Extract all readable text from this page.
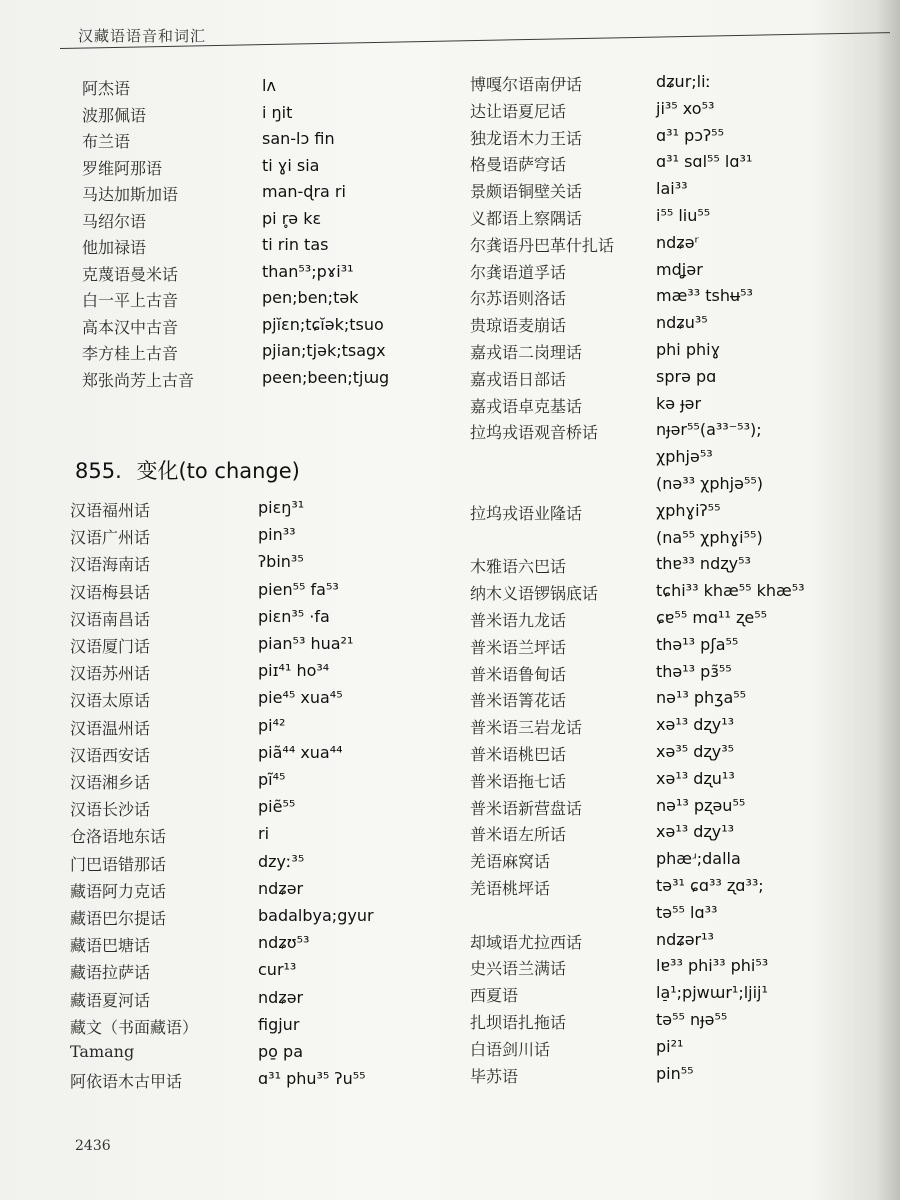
汉藏语语音和词汇
阿杰语	lʌ
波那佩语	i ŋit
布兰语	san-lɔ fin
罗维阿那语	ti ɣi sia
马达加斯加语	man-ɖra ri
马绍尔语	pi r̥ə kɛ
他加禄语	ti rin tas
克蔑语曼米话	than⁵³;pɤi³¹
白一平上古音	pen;ben;tək
高本汉中古音	pjĭɛn;tɕĭək;tsuo
李方桂上古音	pjian;tjək;tsagx
郑张尚芳上古音	peen;been;tjɯg
855. 变化(to change)
汉语福州话	piɛŋ³¹
汉语广州话	pin³³
汉语海南话	ʔbin³⁵
汉语梅县话	pien⁵⁵ fa⁵³
汉语南昌话	piɛn³⁵ ·fa
汉语厦门话	pian⁵³ hua²¹
汉语苏州话	piɪ⁴¹ ho³⁴
汉语太原话	pie⁴⁵ xua⁴⁵
汉语温州话	pi⁴²
汉语西安话	piã⁴⁴ xua⁴⁴
汉语湘乡话	pĩ⁴⁵
汉语长沙话	piẽ⁵⁵
仓洛语地东话	ri
门巴语错那话	dzyː³⁵
藏语阿力克话	ndʑər
藏语巴尔提话	badalbya;gyur
藏语巴塘话	ndʑʊ⁵³
藏语拉萨话	cur¹³
藏语夏河话	ndʑər
藏文（书面藏语）	figjur
Tamang	po̱ pa
阿依语木古甲话	ɑ³¹ phu³⁵ ʔu⁵⁵
博嘎尔语南伊话	dʑur;liː
达让语夏尼话	ji³⁵ xo⁵³
独龙语木力王话	ɑ³¹ pɔʔ⁵⁵
格曼语萨穹话	ɑ³¹ sɑl⁵⁵ lɑ³¹
景颇语铜壁关话	lai³³
义都语上察隅话	i⁵⁵ liu⁵⁵
尔龚语丹巴革什扎话	ndʑəʳ
尔龚语道孚话	mdʝər
尔苏语则洛话	mæ³³ tshʉ⁵³
贵琼语麦崩话	ndʑu³⁵
嘉戎语二岗理话	phi phiɣ
嘉戎语日部话	sprə pɑ
嘉戎语卓克基话	kə ɟər
拉坞戎语观音桥话	nɟər⁵⁵(a³³⁻⁵³);
χphjə⁵³
(nə³³ χphjə⁵⁵)
拉坞戎语业隆话	χphɣiʔ⁵⁵
(na⁵⁵ χphɣi⁵⁵)
木雅语六巴话	thɐ³³ ndʐy⁵³
纳木义语锣锅底话	tɕhi³³ khæ⁵⁵ khæ⁵³
普米语九龙话	ɕɐ⁵⁵ mɑ¹¹ ʐe⁵⁵
普米语兰坪话	thə¹³ pʃa⁵⁵
普米语鲁甸话	thə¹³ pɜ̃⁵⁵
普米语箐花话	nə¹³ phʒa⁵⁵
普米语三岩龙话	xə¹³ dʐy¹³
普米语桃巴话	xə³⁵ dʐy³⁵
普米语拖七话	xə¹³ dʐu¹³
普米语新营盘话	nə¹³ pʐəu⁵⁵
普米语左所话	xə¹³ dʐy¹³
羌语麻窝话	phæʴ;dalla
羌语桃坪话	tə³¹ ɕɑ³³ ʐɑ³³;
tə⁵⁵ lɑ³³
却域语尤拉西话	ndʑər¹³
史兴语兰满话	lɐ³³ phi³³ phi⁵³
西夏语	la̠¹;pjwɯr¹;ljij¹
扎坝语扎拖话	tə⁵⁵ nɟə⁵⁵
白语剑川话	pi²¹
毕苏语	pin⁵⁵
2436
